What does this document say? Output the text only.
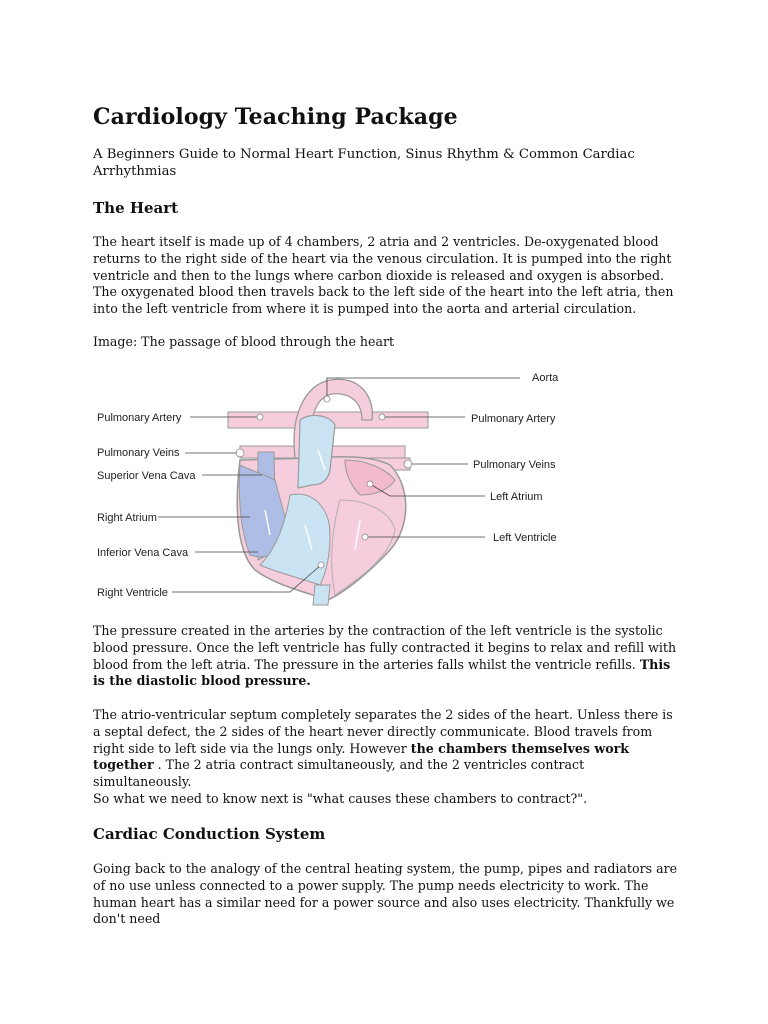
Cardiology Teaching Package
A Beginners Guide to Normal Heart Function, Sinus Rhythm & Common Cardiac Arrhythmias
The Heart
The heart itself is made up of 4 chambers, 2 atria and 2 ventricles. De-oxygenated blood returns to the right side of the heart via the venous circulation. It is pumped into the right ventricle and then to the lungs where carbon dioxide is released and oxygen is absorbed. The oxygenated blood then travels back to the left side of the heart into the left atria, then into the left ventricle from where it is pumped into the aorta and arterial circulation.
Image: The passage of blood through the heart
Aorta
Pulmonary Artery	Pulmonary Artery
Pulmonary Veins
Pulmonary Veins
Superior Vena Cava
Right Atrium
Inferior Vena Cava
Right Ventricle
Left Atrium
Left Ventricle
The pressure created in the arteries by the contraction of the left ventricle is the systolic blood pressure. Once the left ventricle has fully contracted it begins to relax and refill with blood from the left atria. The pressure in the arteries falls whilst the ventricle refills. This is the diastolic blood pressure.
The atrio-ventricular septum completely separates the 2 sides of the heart. Unless there is a septal defect, the 2 sides of the heart never directly communicate. Blood travels from right side to left side via the lungs only. However the chambers themselves work together . The 2 atria contract simultaneously, and the 2 ventricles contract simultaneously.
So what we need to know next is "what causes these chambers to contract?".
Cardiac Conduction System
Going back to the analogy of the central heating system, the pump, pipes and radiators are of no use unless connected to a power supply. The pump needs electricity to work. The human heart has a similar need for a power source and also uses electricity. Thankfully we don't need
